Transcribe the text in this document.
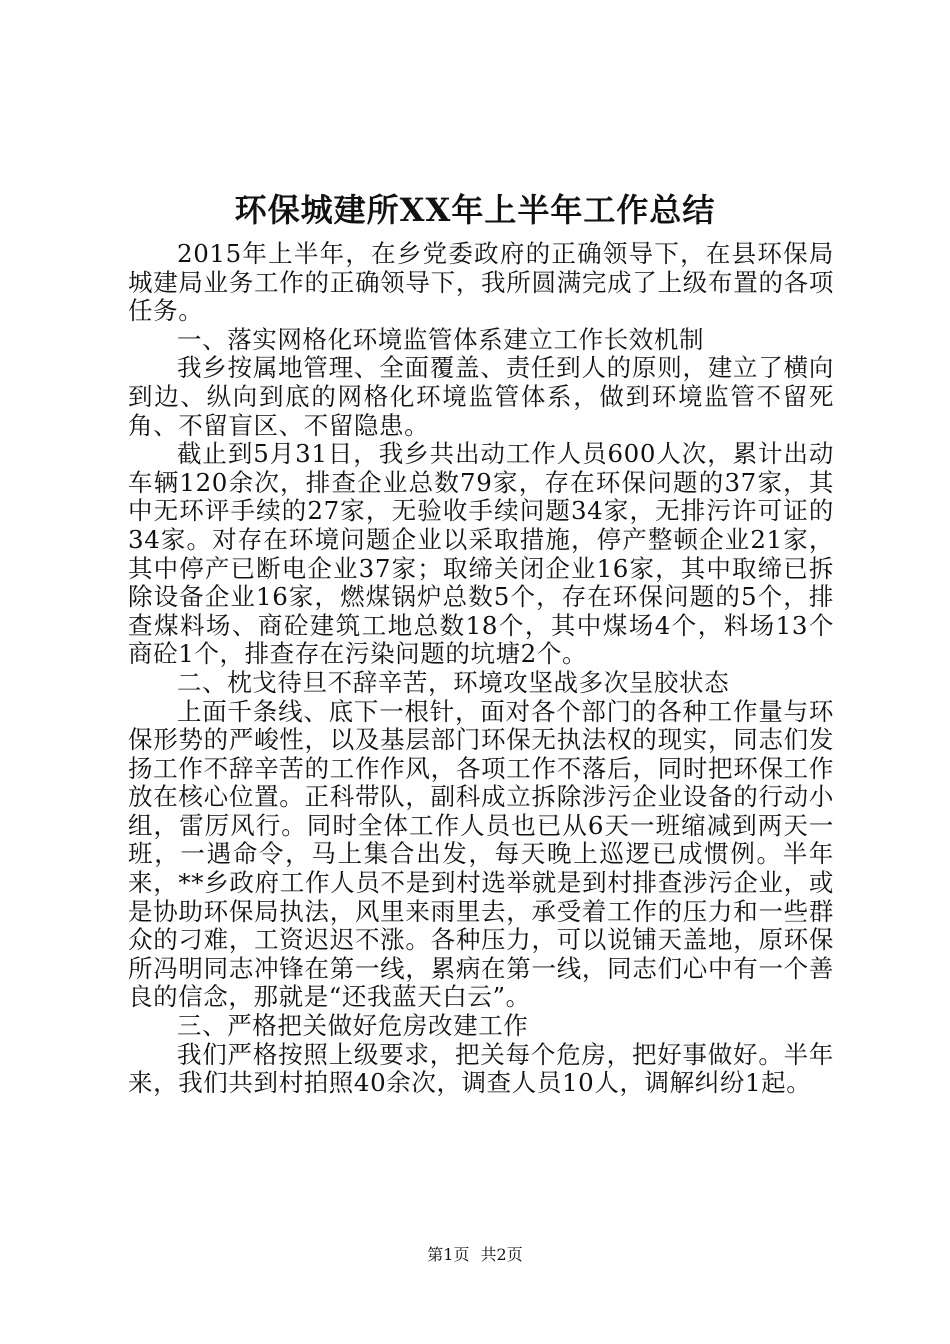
环保城建所XX年上半年工作总结

2015年上半年，在乡党委政府的正确领导下，在县环保局城建局业务工作的正确领导下，我所圆满完成了上级布置的各项任务。

一、落实网格化环境监管体系建立工作长效机制

我乡按属地管理、全面覆盖、责任到人的原则，建立了横向到边、纵向到底的网格化环境监管体系，做到环境监管不留死角、不留盲区、不留隐患。

截止到5月31日，我乡共出动工作人员600人次，累计出动车辆120余次，排查企业总数79家，存在环保问题的37家，其中无环评手续的27家，无验收手续问题34家，无排污许可证的34家。对存在环境问题企业以采取措施，停产整顿企业21家，其中停产已断电企业37家；取缔关闭企业16家，其中取缔已拆除设备企业16家，燃煤锅炉总数5个，存在环保问题的5个，排查煤料场、商砼建筑工地总数18个，其中煤场4个，料场13个商砼1个，排查存在污染问题的坑塘2个。

二、枕戈待旦不辞辛苦，环境攻坚战多次呈胶状态

上面千条线、底下一根针，面对各个部门的各种工作量与环保形势的严峻性，以及基层部门环保无执法权的现实，同志们发扬工作不辞辛苦的工作作风，各项工作不落后，同时把环保工作放在核心位置。正科带队，副科成立拆除涉污企业设备的行动小组，雷厉风行。同时全体工作人员也已从6天一班缩减到两天一班，一遇命令，马上集合出发，每天晚上巡逻已成惯例。半年来，**乡政府工作人员不是到村选举就是到村排查涉污企业，或是协助环保局执法，风里来雨里去，承受着工作的压力和一些群众的刁难，工资迟迟不涨。各种压力，可以说铺天盖地，原环保所冯明同志冲锋在第一线，累病在第一线，同志们心中有一个善良的信念，那就是“还我蓝天白云”。

三、严格把关做好危房改建工作

我们严格按照上级要求，把关每个危房，把好事做好。半年来，我们共到村拍照40余次，调查人员10人，调解纠纷1起。

第1页 共2页
